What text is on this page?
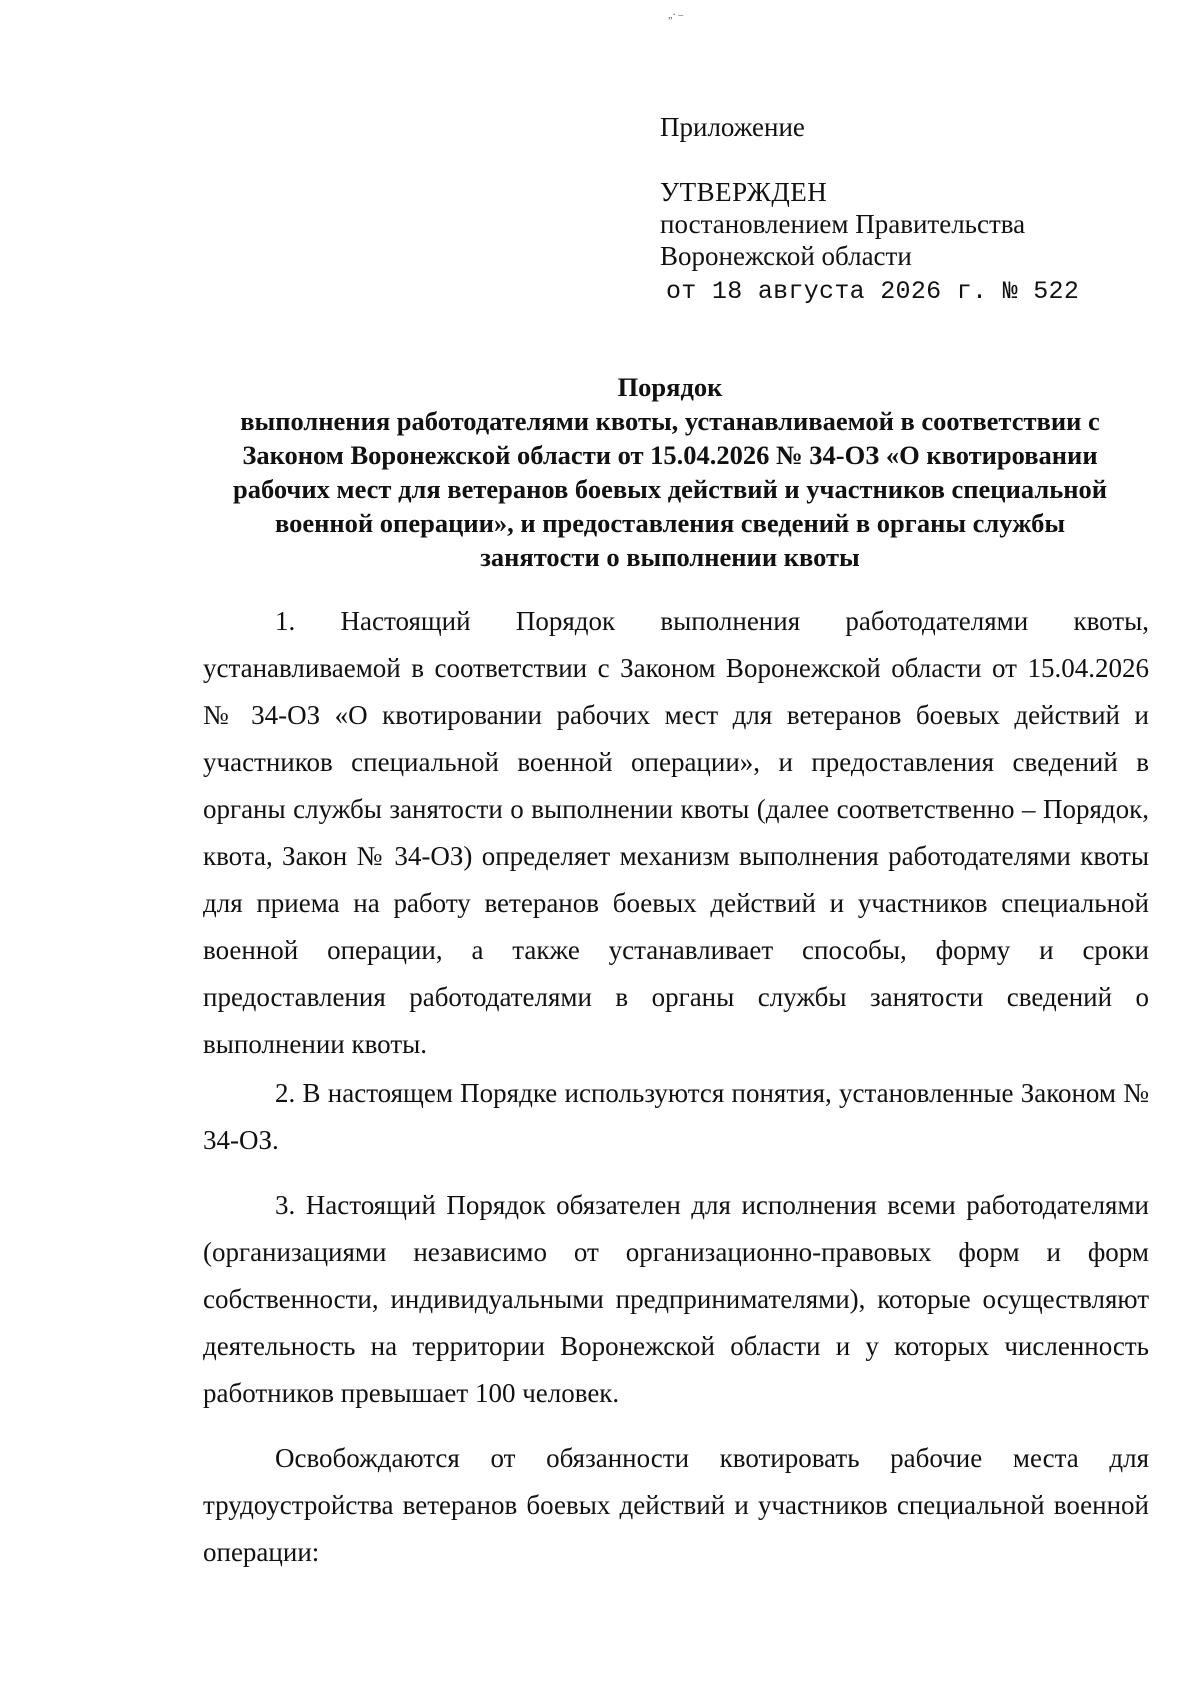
„· –
Приложение
УТВЕРЖДЕН
постановлением Правительства
Воронежской области
от 18 августа 2026 г. № 522
Порядок
выполнения работодателями квоты, устанавливаемой в соответствии с
Законом Воронежской области от 15.04.2026 № 34-ОЗ «О квотировании
рабочих мест для ветеранов боевых действий и участников специальной
военной операции», и предоставления сведений в органы службы
занятости о выполнении квоты

1. Настоящий Порядок выполнения работодателями квоты, устанавливаемой в соответствии с Законом Воронежской области от 15.04.2026 № 34-ОЗ «О квотировании рабочих мест для ветеранов боевых действий и участников специальной военной операции», и предоставления сведений в органы службы занятости о выполнении квоты (далее соответственно – Порядок, квота, Закон № 34-ОЗ) определяет механизм выполнения работодателями квоты для приема на работу ветеранов боевых действий и участников специальной военной операции, а также устанавливает способы, форму и сроки предоставления работодателями в органы службы занятости сведений о выполнении квоты.

2. В настоящем Порядке используются понятия, установленные Законом № 34-ОЗ.

3. Настоящий Порядок обязателен для исполнения всеми работодателями (организациями независимо от организационно-правовых форм и форм собственности, индивидуальными предпринимателями), которые осуществляют деятельность на территории Воронежской области и у которых численность работников превышает 100 человек.

Освобождаются от обязанности квотировать рабочие места для трудоустройства ветеранов боевых действий и участников специальной военной операции:
